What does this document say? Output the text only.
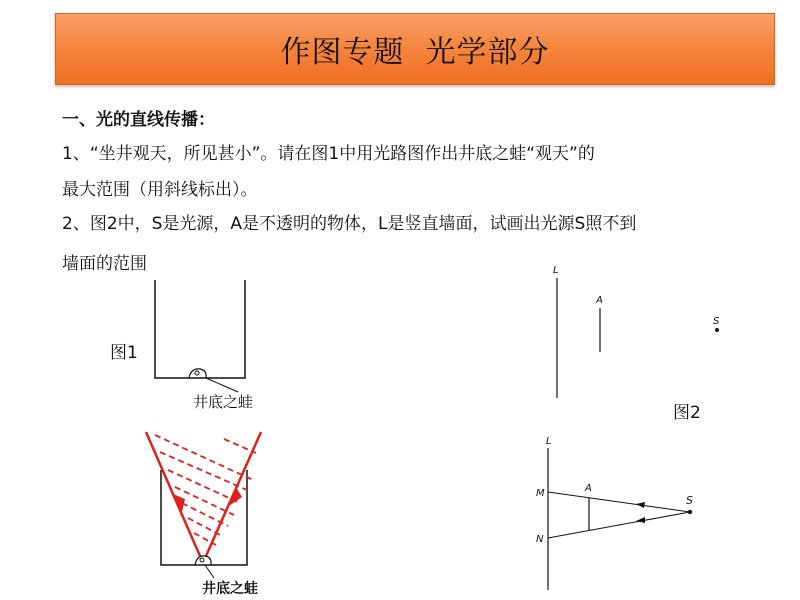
作图专题  光学部分
一、光的直线传播：
1、“坐井观天，所见甚小”。请在图1中用光路图作出井底之蛙“观天”的
最大范围（用斜线标出）。
2、图2中，S是光源，A是不透明的物体，L是竖直墙面，试画出光源S照不到
墙面的范围
图1
图2
井底之蛙
L
A
S
井底之蛙
L
A
S
M
N
